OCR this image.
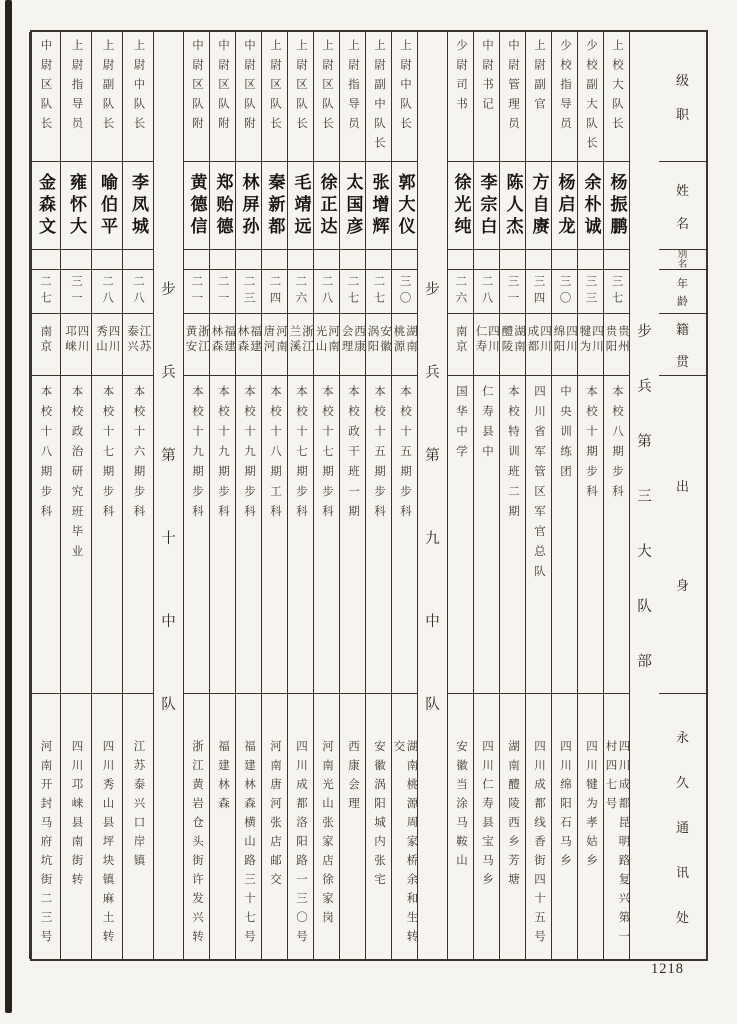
级
职
姓
名
别
名
年
龄
籍
贯
出
身
永
久
通
讯
处
步
兵
第
三
大
队
部
上校大队长
杨振鹏
三七
贵州贵阳
本校八期步科
四川成都昆明路复兴第一村四七号
少校副大队长
余朴诚
三三
四川犍为
本校十期步科
四川犍为孝姑乡
少校指导员
杨启龙
三〇
四川绵阳
中央训练团
四川绵阳石马乡
上尉副官
方自赓
三四
四川成都
四川省军管区军官总队
四川成都线香街四十五号
中尉管理员
陈人杰
三一
湖南醴陵
本校特训班二期
湖南醴陵西乡芳塘
中尉书记
李宗白
二八
四川仁寿
仁寿县中
四川仁寿县宝马乡
少尉司书
徐光纯
二六
南京
国华中学
安徽当涂马鞍山
步
兵
第
九
中
队
上尉中队长
郭大仪
三〇
湖南桃源
本校十五期步科
湖南桃源周家桥余和生转交
上尉副中队长
张增辉
二七
安徽涡阳
本校十五期步科
安徽涡阳城内张宅
上尉指导员
太国彦
二七
西康会理
本校政干班一期
西康会理
上尉区队长
徐正达
二八
河南光山
本校十七期步科
河南光山张家店徐家岗
上尉区队长
毛靖远
二六
浙江兰溪
本校十七期步科
四川成都洛阳路一三〇号
上尉区队长
秦新都
二四
河南唐河
本校十八期工科
河南唐河张店邮交
中尉区队附
林屏孙
二三
福建林森
本校十九期步科
福建林森横山路三十七号
中尉区队附
郑贻德
二一
福建林森
本校十九期步科
福建林森
中尉区队附
黄德信
二一
浙江黄安
本校十九期步科
浙江黄岩仓头街许发兴转
步
兵
第
十
中
队
上尉中队长
李凤城
二八
江苏泰兴
本校十六期步科
江苏泰兴口岸镇
上尉副队长
喻伯平
二八
四川秀山
本校十七期步科
四川秀山县坪块镇麻土转
上尉指导员
雍怀大
三一
四川邛崃
本校政治研究班毕业
四川邛崃县南街转
中尉区队长
金森文
二七
南京
本校十八期步科
河南开封马府坑街二三号
1218
